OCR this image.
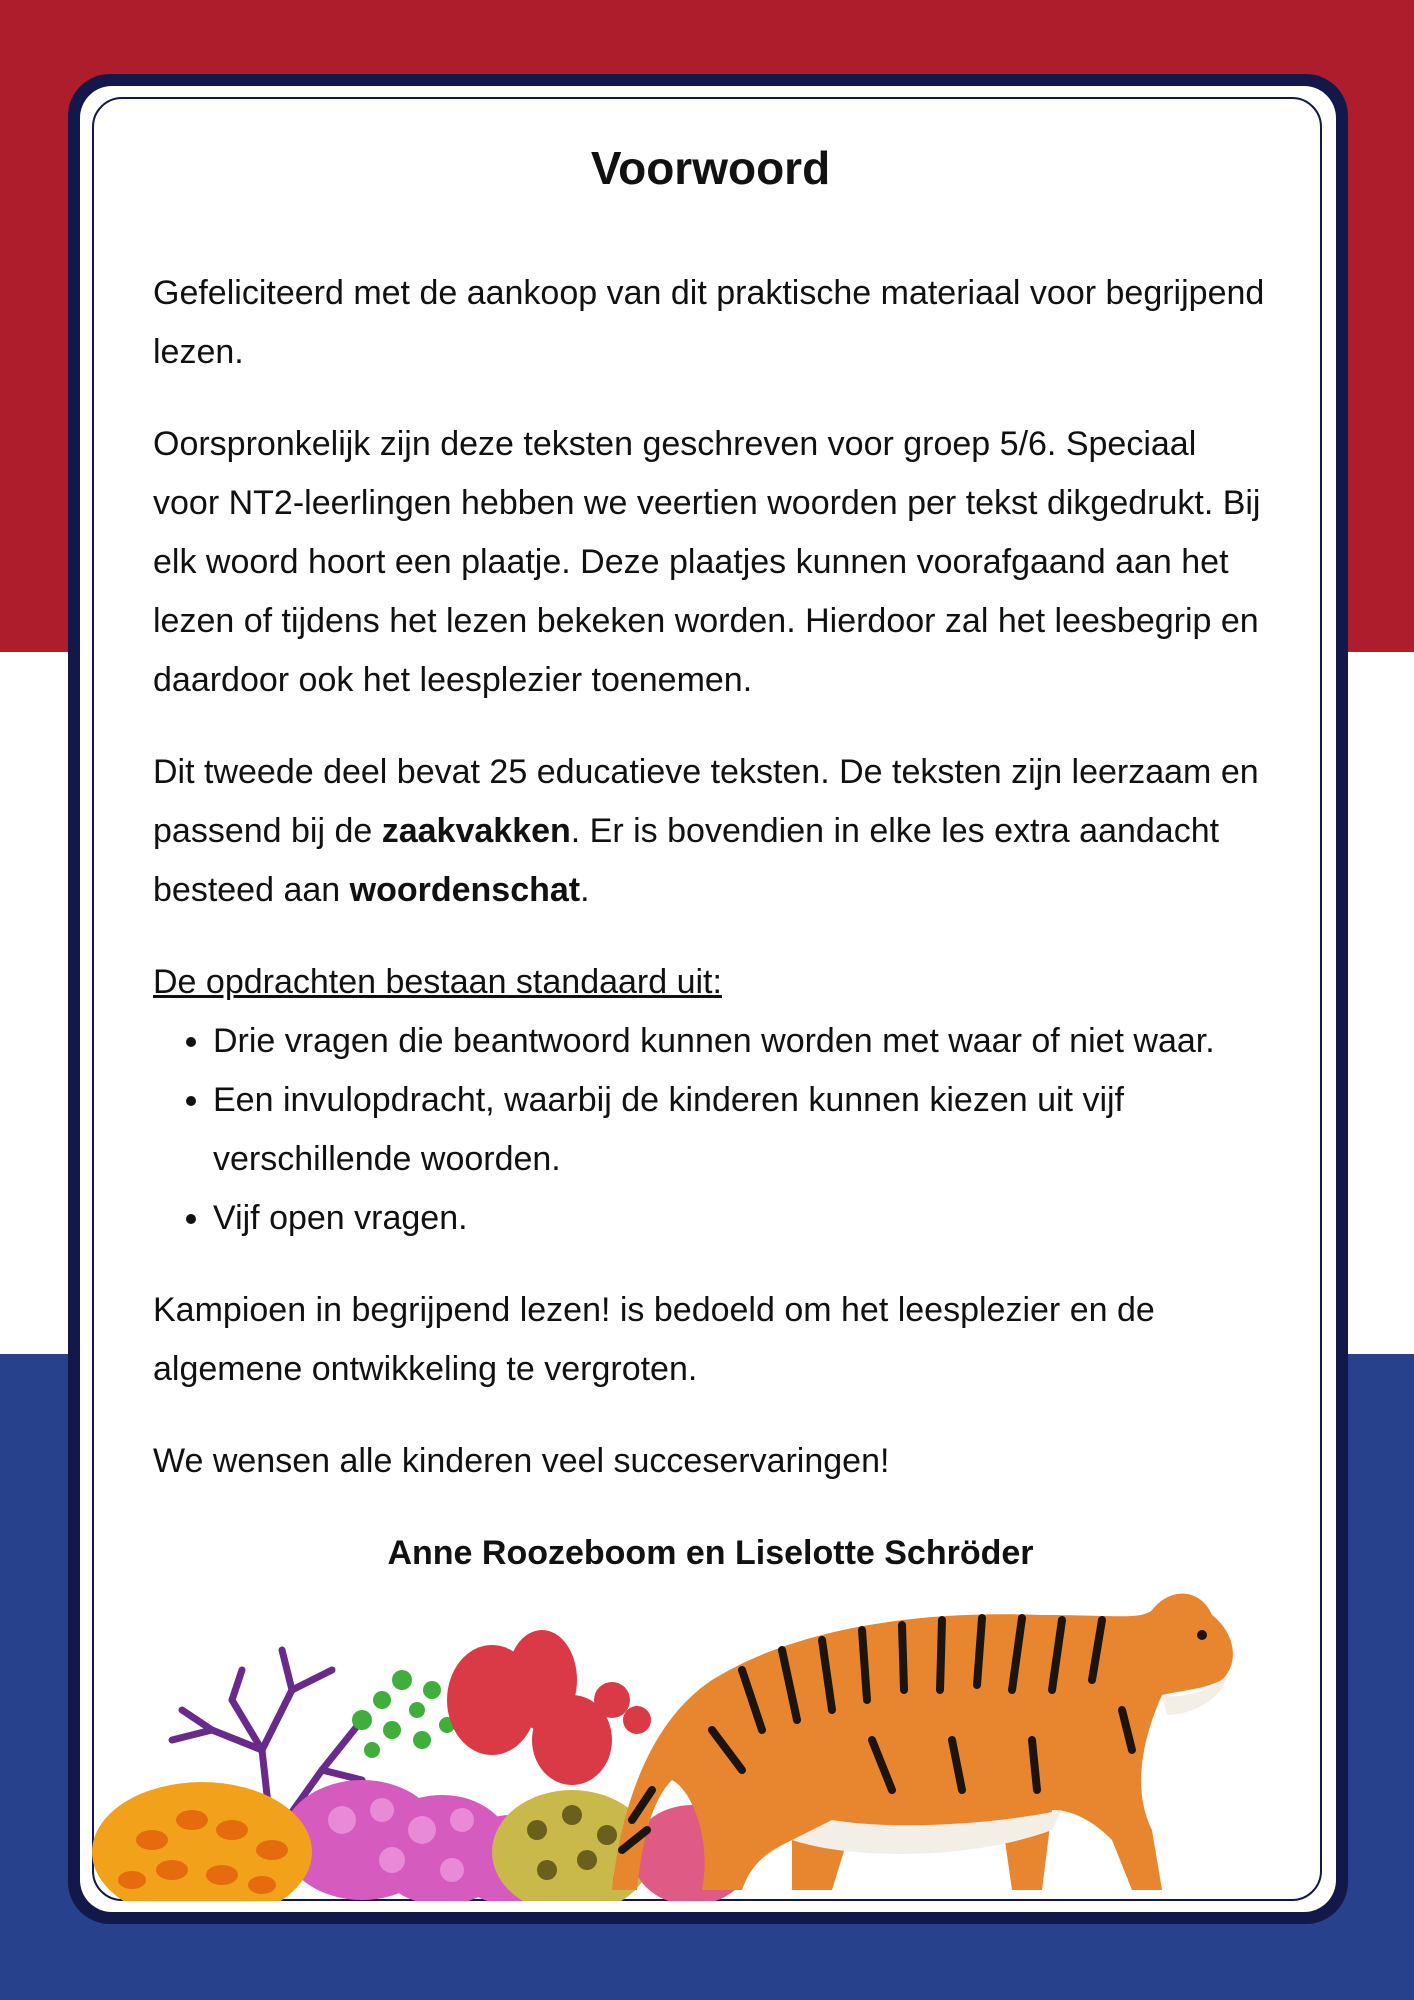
Voorwoord

Gefeliciteerd met de aankoop van dit praktische materiaal voor begrijpend lezen.

Oorspronkelijk zijn deze teksten geschreven voor groep 5/6. Speciaal voor NT2-leerlingen hebben we veertien woorden per tekst dikgedrukt. Bij elk woord hoort een plaatje. Deze plaatjes kunnen voorafgaand aan het lezen of tijdens het lezen bekeken worden. Hierdoor zal het leesbegrip en daardoor ook het leesplezier toenemen.

Dit tweede deel bevat 25 educatieve teksten. De teksten zijn leerzaam en passend bij de zaakvakken. Er is bovendien in elke les extra aandacht besteed aan woordenschat.

De opdrachten bestaan standaard uit:

• Drie vragen die beantwoord kunnen worden met waar of niet waar.
• Een invulopdracht, waarbij de kinderen kunnen kiezen uit vijf verschillende woorden.
• Vijf open vragen.

Kampioen in begrijpend lezen! is bedoeld om het leesplezier en de algemene ontwikkeling te vergroten.

We wensen alle kinderen veel succeservaringen!

Anne Roozeboom en Liselotte Schröder
